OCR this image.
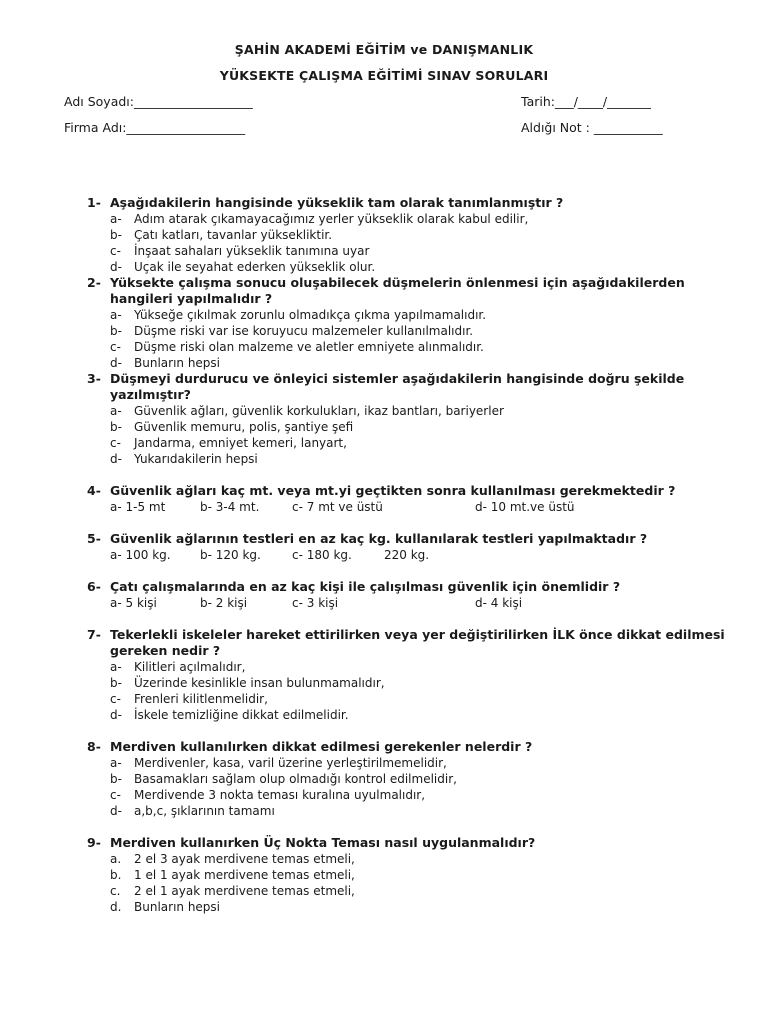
ŞAHİN AKADEMİ EĞİTİM ve DANIŞMANLIK
YÜKSEKTE ÇALIŞMA EĞİTİMİ SINAV SORULARI
Adı Soyadı:___________________	Tarih:___/____/_______
Firma Adı:___________________	Aldığı Not : ___________
1- Aşağıdakilerin hangisinde yükseklik tam olarak tanımlanmıştır ?
a- Adım atarak çıkamayacağımız yerler yükseklik olarak kabul edilir,
b- Çatı katları, tavanlar yüksekliktir.
c- İnşaat sahaları yükseklik tanımına uyar
d- Uçak ile seyahat ederken yükseklik olur.
2- Yüksekte çalışma sonucu oluşabilecek düşmelerin önlenmesi için aşağıdakilerden hangileri yapılmalıdır ?
a- Yükseğe çıkılmak zorunlu olmadıkça çıkma yapılmamalıdır.
b- Düşme riski var ise koruyucu malzemeler kullanılmalıdır.
c- Düşme riski olan malzeme ve aletler emniyete alınmalıdır.
d- Bunların hepsi
3- Düşmeyi durdurucu ve önleyici sistemler aşağıdakilerin hangisinde doğru şekilde yazılmıştır?
a- Güvenlik ağları, güvenlik korkulukları, ikaz bantları, bariyerler
b- Güvenlik memuru, polis, şantiye şefi
c- Jandarma, emniyet kemeri, lanyart,
d- Yukarıdakilerin hepsi
4- Güvenlik ağları kaç mt. veya mt.yi geçtikten sonra kullanılması gerekmektedir ?
a- 1-5 mt	b- 3-4 mt.	c- 7 mt ve üstü	d- 10 mt.ve üstü
5- Güvenlik ağlarının testleri en az kaç kg. kullanılarak testleri yapılmaktadır ?
a- 100 kg. b- 120 kg.	c- 180 kg.	220 kg.
6- Çatı çalışmalarında en az kaç kişi ile çalışılması güvenlik için önemlidir ?
a- 5 kişi	b- 2 kişi	c- 3 kişi	d- 4 kişi
7- Tekerlekli iskeleler hareket ettirilirken veya yer değiştirilirken İLK önce dikkat edilmesi gereken nedir ?
a- Kilitleri açılmalıdır,
b- Üzerinde kesinlikle insan bulunmamalıdır,
c- Frenleri kilitlenmelidir,
d- İskele temizliğine dikkat edilmelidir.
8- Merdiven kullanılırken dikkat edilmesi gerekenler nelerdir ?
a- Merdivenler, kasa, varil üzerine yerleştirilmemelidir,
b- Basamakları sağlam olup olmadığı kontrol edilmelidir,
c- Merdivende 3 nokta teması kuralına uyulmalıdır,
d- a,b,c, şıklarının tamamı
9- Merdiven kullanırken Üç Nokta Teması nasıl uygulanmalıdır?
a. 2 el 3 ayak merdivene temas etmeli,
b. 1 el 1 ayak merdivene temas etmeli,
c. 2 el 1 ayak merdivene temas etmeli,
d. Bunların hepsi
